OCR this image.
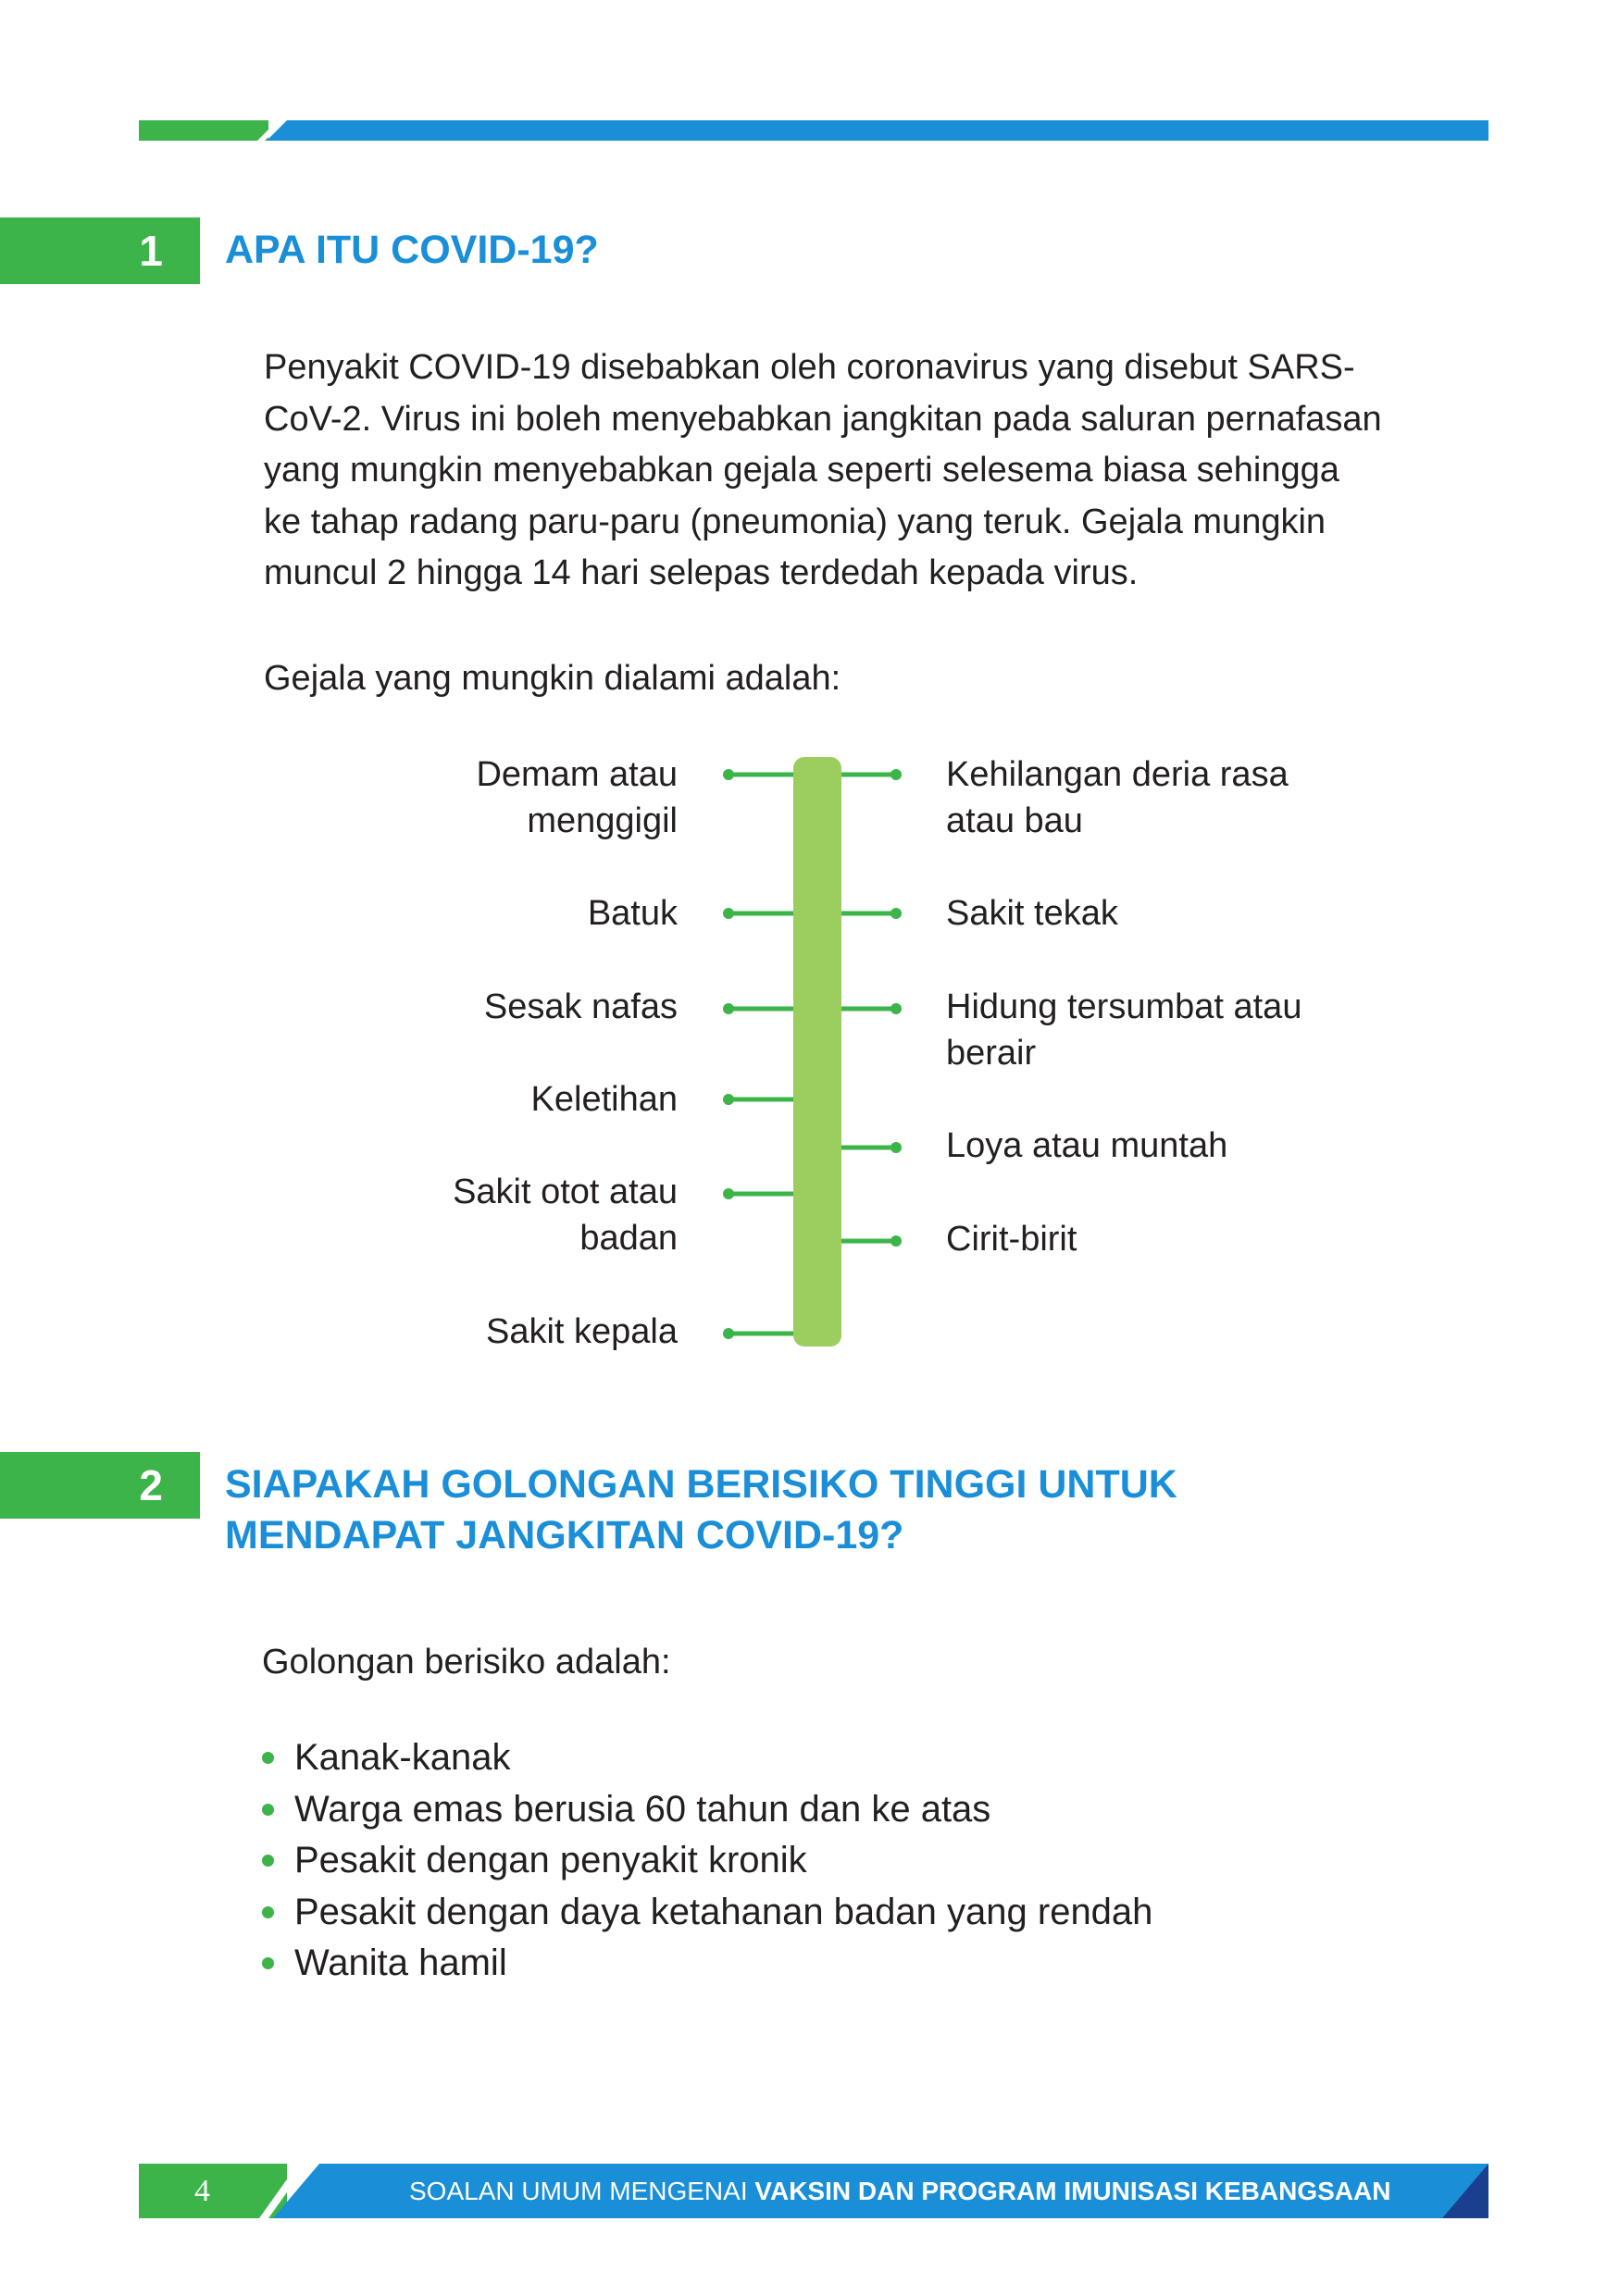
1	APA ITU COVID-19?

Penyakit COVID-19 disebabkan oleh coronavirus yang disebut SARS-

CoV-2. Virus ini boleh menyebabkan jangkitan pada saluran pernafasan

yang mungkin menyebabkan gejala seperti selesema biasa sehingga

ke tahap radang paru-paru (pneumonia) yang teruk. Gejala mungkin

muncul 2 hingga 14 hari selepas terdedah kepada virus.

Gejala yang mungkin dialami adalah:

Demam atau
menggigil

Batuk

Sesak nafas

Keletihan

Sakit otot atau
badan

Sakit kepala

Kehilangan deria rasa
atau bau

Sakit tekak

Hidung tersumbat atau
berair

Loya atau muntah

Cirit-birit

2	SIAPAKAH GOLONGAN BERISIKO TINGGI UNTUK
MENDAPAT JANGKITAN COVID-19?

Golongan berisiko adalah:

Kanak-kanak
Warga emas berusia 60 tahun dan ke atas
Pesakit dengan penyakit kronik
Pesakit dengan daya ketahanan badan yang rendah
Wanita hamil
4	SOALAN UMUM MENGENAI VAKSIN DAN PROGRAM IMUNISASI KEBANGSAAN
